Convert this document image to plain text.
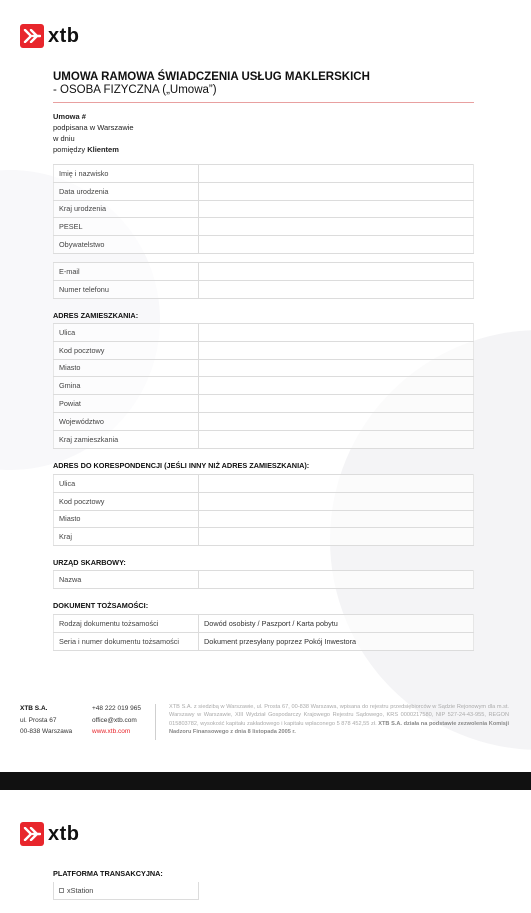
xtb
UMOWA RAMOWA ŚWIADCZENIA USŁUG MAKLERSKICH
- OSOBA FIZYCZNA („Umowa”)
Umowa #
podpisana w Warszawie
w dniu
pomiędzy Klientem
Imię i nazwisko	
Data urodzenia	
Kraj urodzenia	
PESEL	
Obywatelstwo	
E-mail	
Numer telefonu	
ADRES ZAMIESZKANIA:
Ulica	
Kod pocztowy	
Miasto	
Gmina	
Powiat	
Województwo	
Kraj zamieszkania	
ADRES DO KORESPONDENCJI (JEŚLI INNY NIŻ ADRES ZAMIESZKANIA):
Ulica	
Kod pocztowy	
Miasto	
Kraj	
URZĄD SKARBOWY:
Nazwa	
DOKUMENT TOŻSAMOŚCI:
Rodzaj dokumentu tożsamości	Dowód osobisty / Paszport / Karta pobytu
Seria i numer dokumentu tożsamości	Dokument przesyłany poprzez Pokój Inwestora
XTB S.A.
ul. Prosta 67
00-838 Warszawa
+48 222 019 965
office@xtb.com
www.xtb.com
XTB S.A. z siedzibą w Warszawie, ul. Prosta 67, 00-838 Warszawa, wpisana do rejestru przedsiębiorców w Sądzie Rejonowym dla m.st. Warszawy w Warszawie, XIII Wydział Gospodarczy Krajowego Rejestru Sądowego, KRS 0000217580, NIP 527-24-43-955, REGON 015803782, wysokość kapitału zakładowego i kapitału wpłaconego 5 878 452,55 zł. XTB S.A. działa na podstawie zezwolenia Komisji Nadzoru Finansowego z dnia 8 listopada 2005 r.
xtb
PLATFORMA TRANSAKCYJNA:
xStation
